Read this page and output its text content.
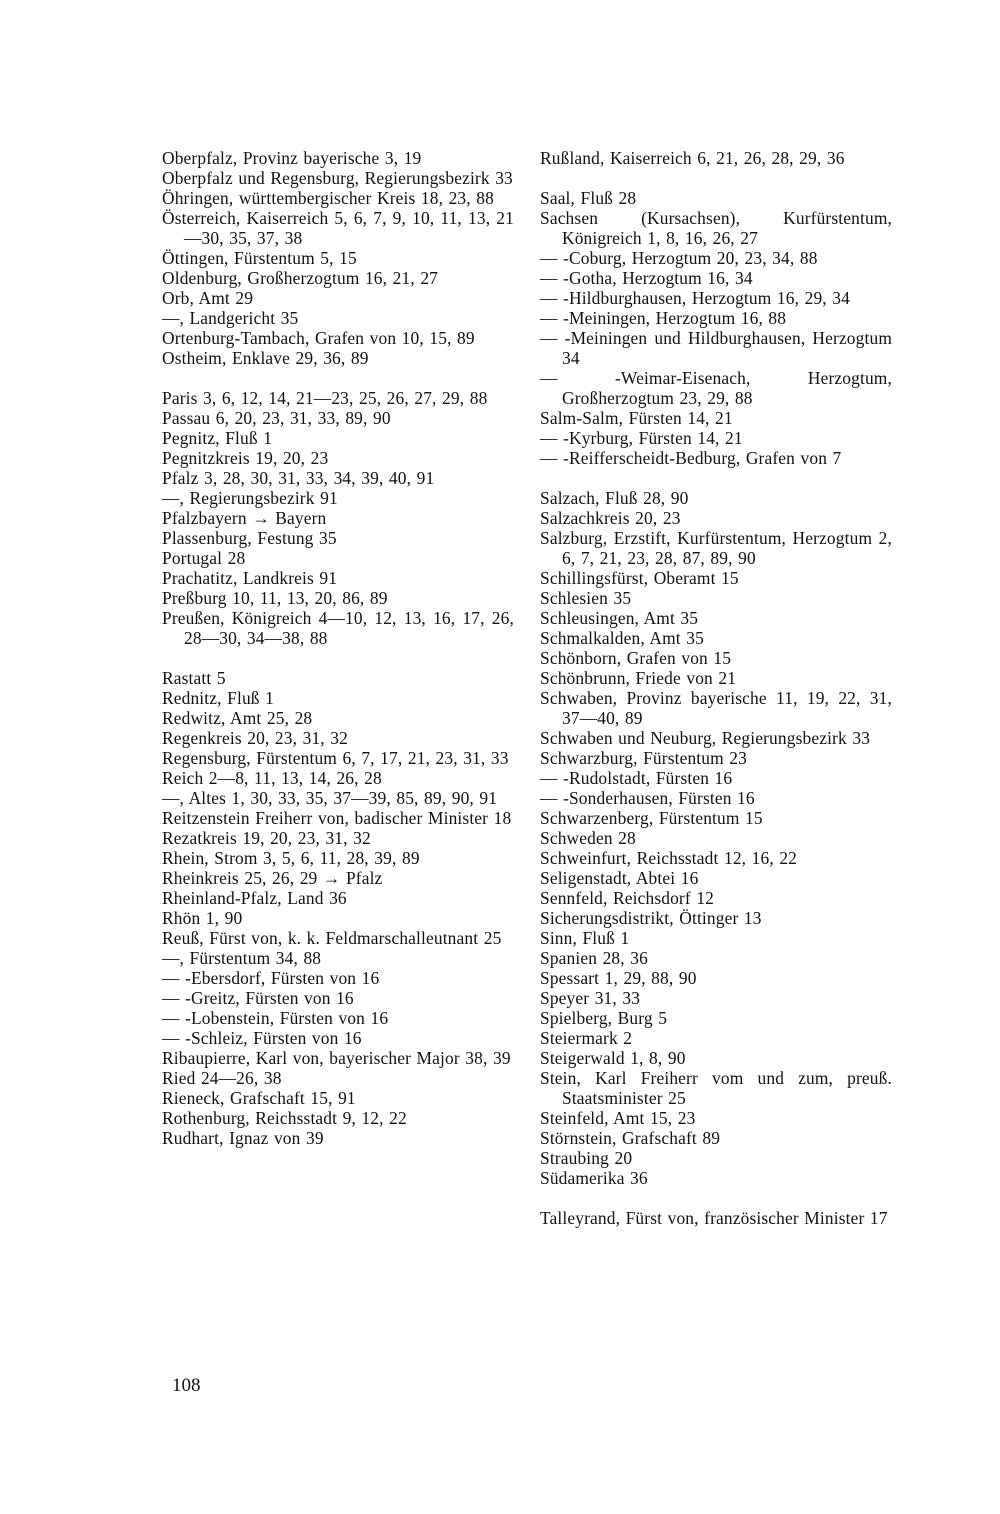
Oberpfalz, Provinz bayerische 3, 19
Oberpfalz und Regensburg, Regierungsbezirk 33
Öhringen, württembergischer Kreis 18, 23, 88
Österreich, Kaiserreich 5, 6, 7, 9, 10, 11, 13, 21—30, 35, 37, 38
Öttingen, Fürstentum 5, 15
Oldenburg, Großherzogtum 16, 21, 27
Orb, Amt 29
—, Landgericht 35
Ortenburg-Tambach, Grafen von 10, 15, 89
Ostheim, Enklave 29, 36, 89
Paris 3, 6, 12, 14, 21—23, 25, 26, 27, 29, 88
Passau 6, 20, 23, 31, 33, 89, 90
Pegnitz, Fluß 1
Pegnitzkreis 19, 20, 23
Pfalz 3, 28, 30, 31, 33, 34, 39, 40, 91
—, Regierungsbezirk 91
Pfalzbayern → Bayern
Plassenburg, Festung 35
Portugal 28
Prachatitz, Landkreis 91
Preßburg 10, 11, 13, 20, 86, 89
Preußen, Königreich 4—10, 12, 13, 16, 17, 26, 28—30, 34—38, 88
Rastatt 5
Rednitz, Fluß 1
Redwitz, Amt 25, 28
Regenkreis 20, 23, 31, 32
Regensburg, Fürstentum 6, 7, 17, 21, 23, 31, 33
Reich 2—8, 11, 13, 14, 26, 28
—, Altes 1, 30, 33, 35, 37—39, 85, 89, 90, 91
Reitzenstein Freiherr von, badischer Minister 18
Rezatkreis 19, 20, 23, 31, 32
Rhein, Strom 3, 5, 6, 11, 28, 39, 89
Rheinkreis 25, 26, 29 → Pfalz
Rheinland-Pfalz, Land 36
Rhön 1, 90
Reuß, Fürst von, k. k. Feldmarschalleutnant 25
—, Fürstentum 34, 88
— -Ebersdorf, Fürsten von 16
— -Greitz, Fürsten von 16
— -Lobenstein, Fürsten von 16
— -Schleiz, Fürsten von 16
Ribaupierre, Karl von, bayerischer Major 38, 39
Ried 24—26, 38
Rieneck, Grafschaft 15, 91
Rothenburg, Reichsstadt 9, 12, 22
Rudhart, Ignaz von 39
Rußland, Kaiserreich 6, 21, 26, 28, 29, 36
Saal, Fluß 28
Sachsen (Kursachsen), Kurfürstentum, Königreich 1, 8, 16, 26, 27
— -Coburg, Herzogtum 20, 23, 34, 88
— -Gotha, Herzogtum 16, 34
— -Hildburghausen, Herzogtum 16, 29, 34
— -Meiningen, Herzogtum 16, 88
— -Meiningen und Hildburghausen, Herzogtum 34
— -Weimar-Eisenach, Herzogtum, Großherzogtum 23, 29, 88
Salm-Salm, Fürsten 14, 21
— -Kyrburg, Fürsten 14, 21
— -Reifferscheidt-Bedburg, Grafen von 7
Salzach, Fluß 28, 90
Salzachkreis 20, 23
Salzburg, Erzstift, Kurfürstentum, Herzogtum 2, 6, 7, 21, 23, 28, 87, 89, 90
Schillingsfürst, Oberamt 15
Schlesien 35
Schleusingen, Amt 35
Schmalkalden, Amt 35
Schönborn, Grafen von 15
Schönbrunn, Friede von 21
Schwaben, Provinz bayerische 11, 19, 22, 31, 37—40, 89
Schwaben und Neuburg, Regierungsbezirk 33
Schwarzburg, Fürstentum 23
— -Rudolstadt, Fürsten 16
— -Sonderhausen, Fürsten 16
Schwarzenberg, Fürstentum 15
Schweden 28
Schweinfurt, Reichsstadt 12, 16, 22
Seligenstadt, Abtei 16
Sennfeld, Reichsdorf 12
Sicherungsdistrikt, Öttinger 13
Sinn, Fluß 1
Spanien 28, 36
Spessart 1, 29, 88, 90
Speyer 31, 33
Spielberg, Burg 5
Steiermark 2
Steigerwald 1, 8, 90
Stein, Karl Freiherr vom und zum, preuß. Staatsminister 25
Steinfeld, Amt 15, 23
Störnstein, Grafschaft 89
Straubing 20
Südamerika 36
Talleyrand, Fürst von, französischer Minister 17
108
